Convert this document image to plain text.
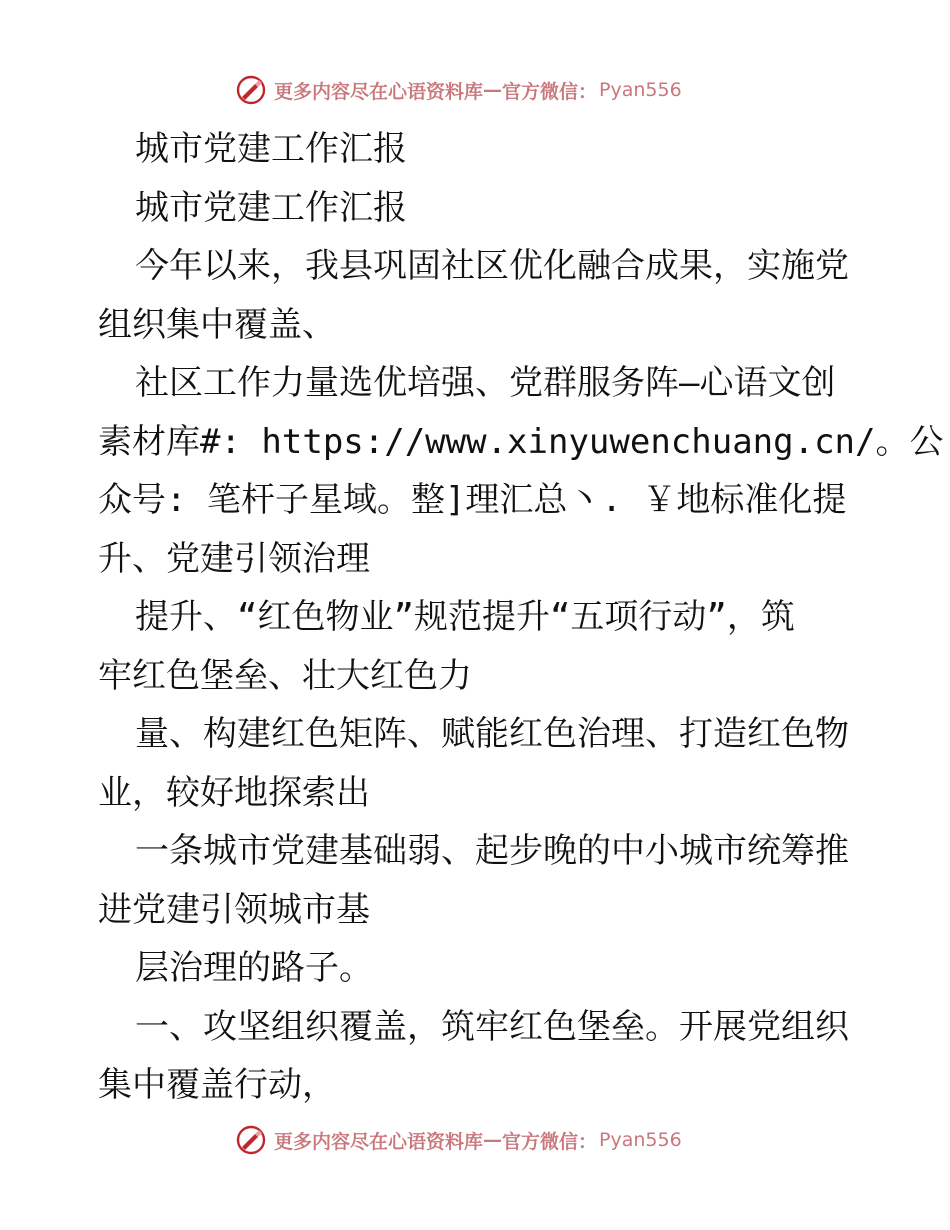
更多内容尽在心语资料库 — 官方微信： Pyan556
城市党建工作汇报
城市党建工作汇报
今年以来，我县巩固社区优化融合成果，实施党
组织集中覆盖、
社区工作力量选优培强、党群服务阵—心语文创
素材库#: https://www.xinyuwenchuang.cn/。公
众号: 笔杆子星域。整]理汇总丶. ￥地标准化提
升、党建引领治理
提升、“红色物业”规范提升“五项行动”，筑
牢红色堡垒、壮大红色力
量、构建红色矩阵、赋能红色治理、打造红色物
业，较好地探索出
一条城市党建基础弱、起步晚的中小城市统筹推
进党建引领城市基
层治理的路子。
一、攻坚组织覆盖，筑牢红色堡垒。开展党组织
集中覆盖行动，
更多内容尽在心语资料库 — 官方微信： Pyan556
